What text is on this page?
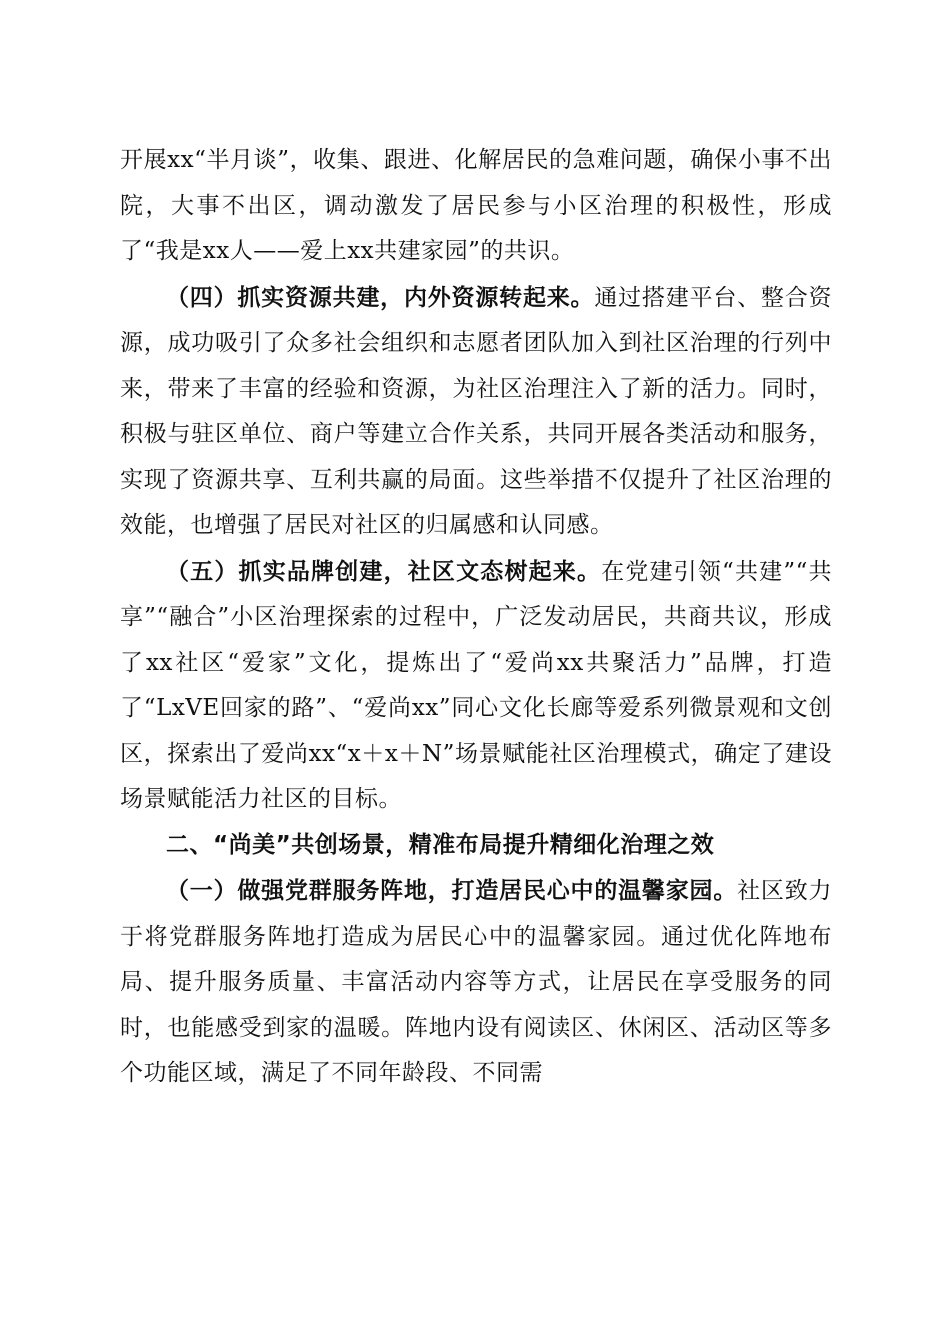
开展xx“半月谈”，收集、跟进、化解居民的急难问题，确保小事不出院，大事不出区，调动激发了居民参与小区治理的积极性，形成了“我是xx人——爱上xx共建家园”的共识。

（四）抓实资源共建，内外资源转起来。通过搭建平台、整合资源，成功吸引了众多社会组织和志愿者团队加入到社区治理的行列中来，带来了丰富的经验和资源，为社区治理注入了新的活力。同时，积极与驻区单位、商户等建立合作关系，共同开展各类活动和服务，实现了资源共享、互利共赢的局面。这些举措不仅提升了社区治理的效能，也增强了居民对社区的归属感和认同感。

（五）抓实品牌创建，社区文态树起来。在党建引领“共建”“共享”“融合”小区治理探索的过程中，广泛发动居民，共商共议，形成了xx社区“爱家”文化，提炼出了“爱尚xx共聚活力”品牌，打造了“LxVE回家的路”、“爱尚xx”同心文化长廊等爱系列微景观和文创区，探索出了爱尚xx“x＋x＋N”场景赋能社区治理模式，确定了建设场景赋能活力社区的目标。

二、“尚美”共创场景，精准布局提升精细化治理之效

（一）做强党群服务阵地，打造居民心中的温馨家园。社区致力于将党群服务阵地打造成为居民心中的温馨家园。通过优化阵地布局、提升服务质量、丰富活动内容等方式，让居民在享受服务的同时，也能感受到家的温暖。阵地内设有阅读区、休闲区、活动区等多个功能区域，满足了不同年龄段、不同需
